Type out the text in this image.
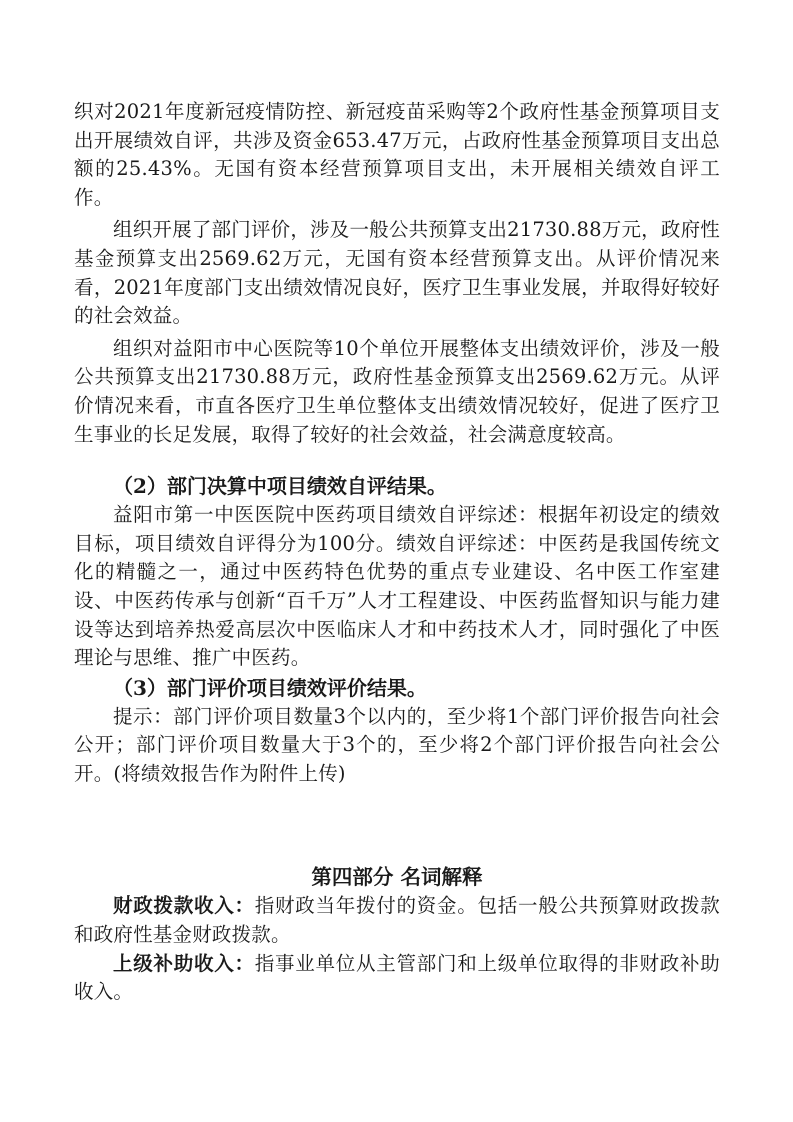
织对2021年度新冠疫情防控、新冠疫苗采购等2个政府性基金预算项目支出开展绩效自评，共涉及资金653.47万元，占政府性基金预算项目支出总额的25.43%。无国有资本经营预算项目支出，未开展相关绩效自评工作。

组织开展了部门评价，涉及一般公共预算支出21730.88万元，政府性基金预算支出2569.62万元，无国有资本经营预算支出。从评价情况来看，2021年度部门支出绩效情况良好，医疗卫生事业发展，并取得好较好的社会效益。

组织对益阳市中心医院等10个单位开展整体支出绩效评价，涉及一般公共预算支出21730.88万元，政府性基金预算支出2569.62万元。从评价情况来看，市直各医疗卫生单位整体支出绩效情况较好，促进了医疗卫生事业的长足发展，取得了较好的社会效益，社会满意度较高。

（2）部门决算中项目绩效自评结果。

益阳市第一中医医院中医药项目绩效自评综述：根据年初设定的绩效目标，项目绩效自评得分为100分。绩效自评综述：中医药是我国传统文化的精髓之一，通过中医药特色优势的重点专业建设、名中医工作室建设、中医药传承与创新“百千万”人才工程建设、中医药监督知识与能力建设等达到培养热爱高层次中医临床人才和中药技术人才，同时强化了中医理论与思维、推广中医药。

（3）部门评价项目绩效评价结果。

提示：部门评价项目数量3个以内的，至少将1个部门评价报告向社会公开；部门评价项目数量大于3个的，至少将2个部门评价报告向社会公开。(将绩效报告作为附件上传)

第四部分 名词解释

财政拨款收入：指财政当年拨付的资金。包括一般公共预算财政拨款和政府性基金财政拨款。

上级补助收入：指事业单位从主管部门和上级单位取得的非财政补助收入。
